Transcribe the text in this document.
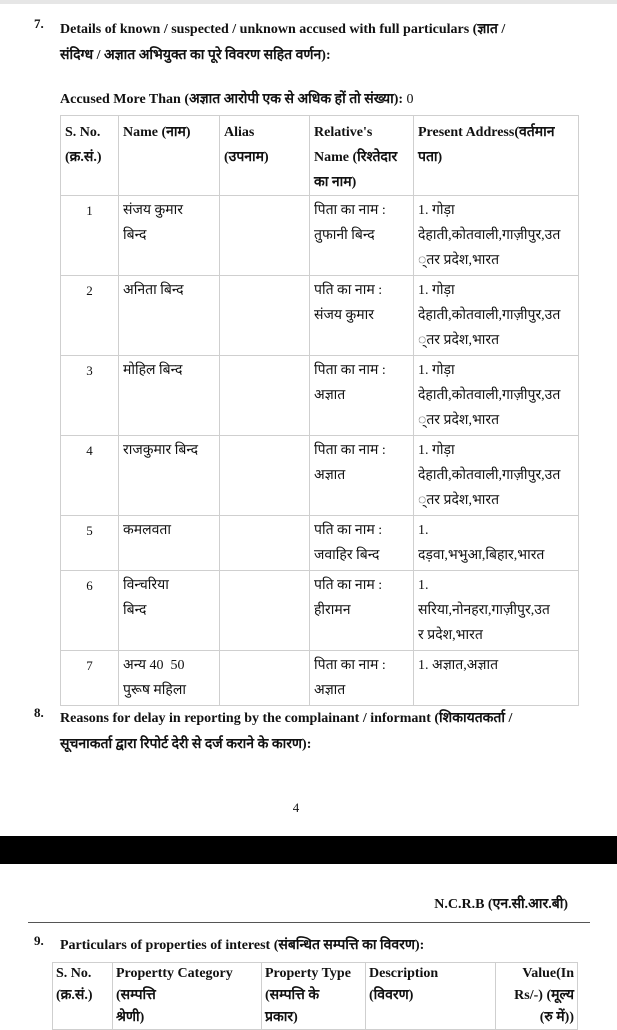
7. Details of known / suspected / unknown accused with full particulars (ज्ञात /
संदिग्ध / अज्ञात अभियुक्त का पूरे विवरण सहित वर्णन):
Accused More Than (अज्ञात आरोपी एक से अधिक हों तो संख्या): 0
S. No.
(क्र.सं.)	Name (नाम)	Alias
(उपनाम)	Relative's
Name (रिश्तेदार
का नाम)	Present Address(वर्तमान
पता)
1	संजय कुमार
बिन्द		पिता का नाम :
तुफानी बिन्द	1. गोड़ा
देहाती,कोतवाली,गाज़ीपुर,उत
्तर प्रदेश,भारत
2	अनिता बिन्द		पति का नाम :
संजय कुमार	1. गोड़ा
देहाती,कोतवाली,गाज़ीपुर,उत
्तर प्रदेश,भारत
3	मोहिल बिन्द		पिता का नाम :
अज्ञात	1. गोड़ा
देहाती,कोतवाली,गाज़ीपुर,उत
्तर प्रदेश,भारत
4	राजकुमार बिन्द		पिता का नाम :
अज्ञात	1. गोड़ा
देहाती,कोतवाली,गाज़ीपुर,उत
्तर प्रदेश,भारत
5	कमलवता		पति का नाम :
जवाहिर बिन्द	1.
दड़वा,भभुआ,बिहार,भारत
6	विन्चरिया
बिन्द		पति का नाम :
हीरामन	1.
सरिया,नोनहरा,गाज़ीपुर,उत
र प्रदेश,भारत
7	अन्य 40  50
पुरूष महिला		पिता का नाम :
अज्ञात	1. अज्ञात,अज्ञात
8. Reasons for delay in reporting by the complainant / informant (शिकायतकर्ता /
सूचनाकर्ता द्वारा रिपोर्ट देरी से दर्ज कराने के कारण):
4
N.C.R.B (एन.सी.आर.बी)
9. Particulars of properties of interest (संबन्धित सम्पत्ति का विवरण):
S. No.
(क्र.सं.)	Propertty Category
(सम्पत्ति
श्रेणी)	Property Type
(सम्पत्ति के
प्रकार)	Description
(विवरण)	Value(In
Rs/-) (मूल्य
(रु में))
